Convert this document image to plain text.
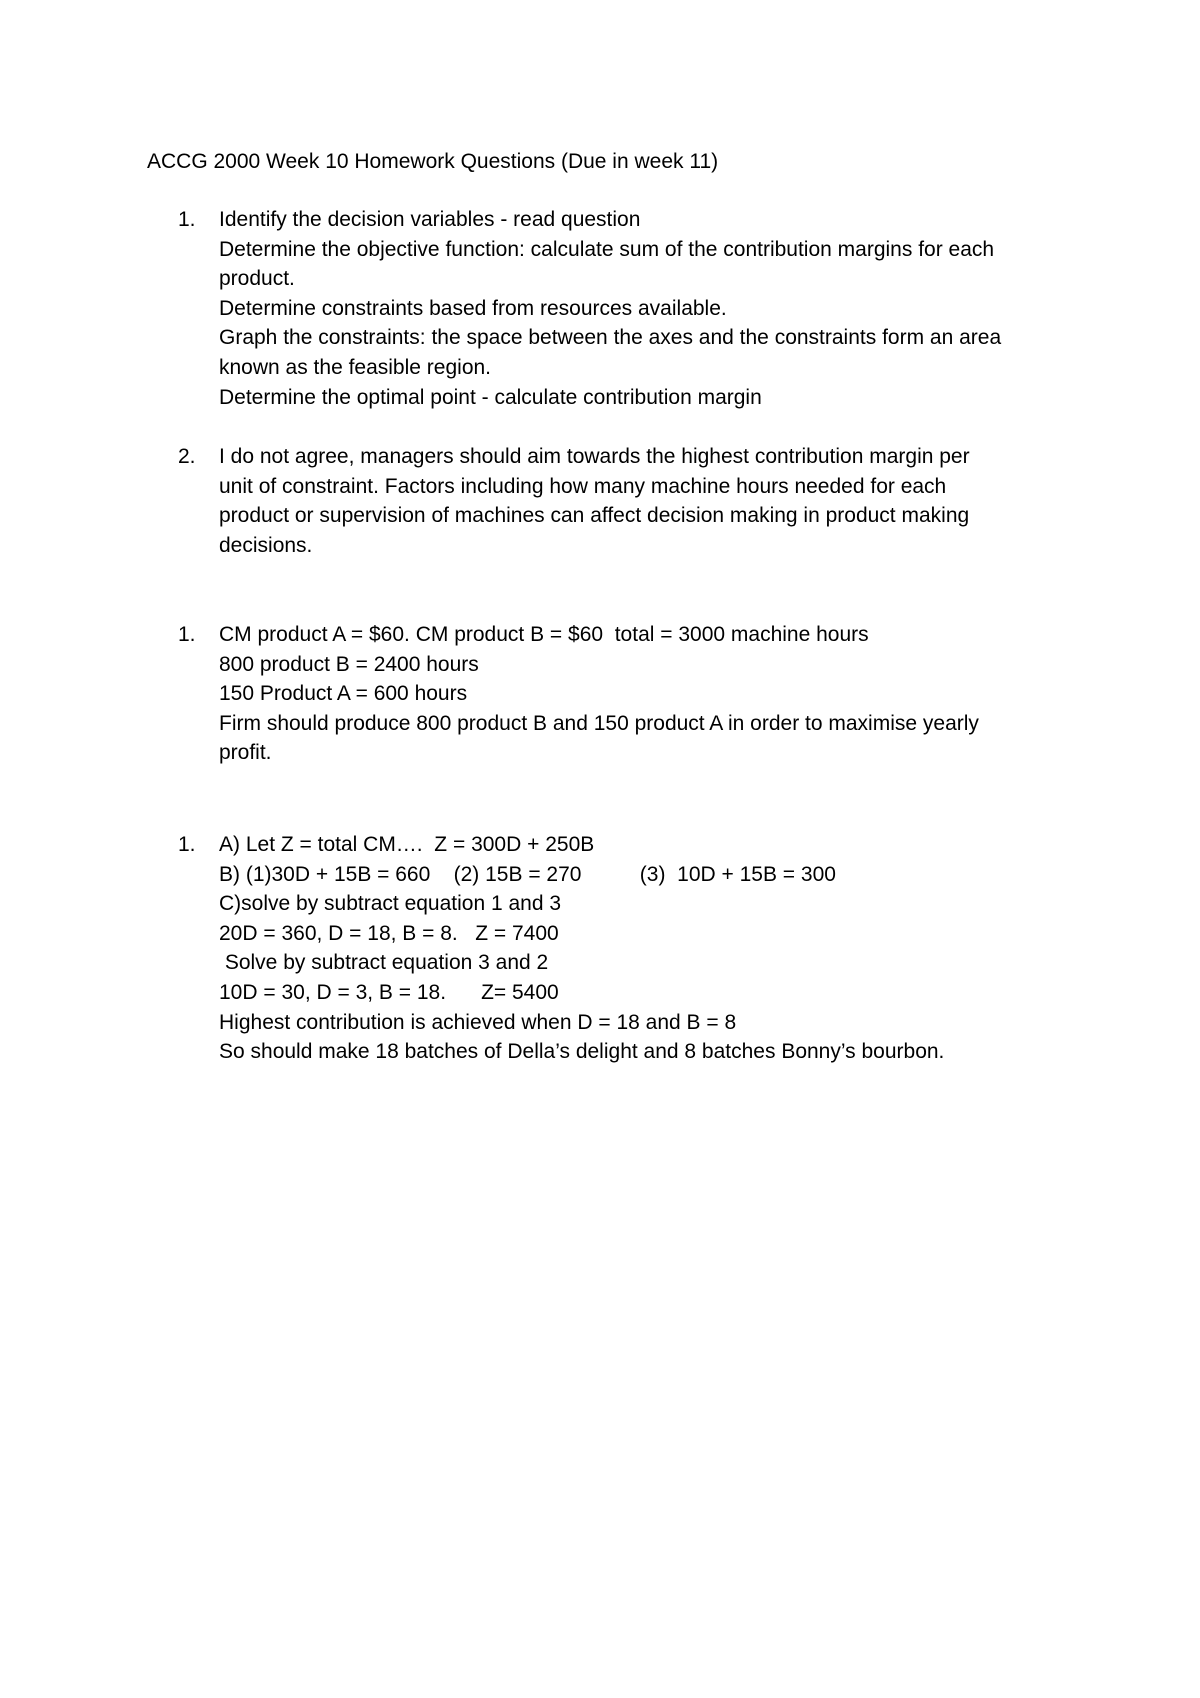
ACCG 2000 Week 10 Homework Questions (Due in week 11)
1. Identify the decision variables - read question
Determine the objective function: calculate sum of the contribution margins for each
product.
Determine constraints based from resources available.
Graph the constraints: the space between the axes and the constraints form an area
known as the feasible region.
Determine the optimal point - calculate contribution margin
2. I do not agree, managers should aim towards the highest contribution margin per
unit of constraint. Factors including how many machine hours needed for each
product or supervision of machines can affect decision making in product making
decisions.
1. CM product A = $60. CM product B = $60  total = 3000 machine hours
800 product B = 2400 hours
150 Product A = 600 hours
Firm should produce 800 product B and 150 product A in order to maximise yearly
profit.
1. A) Let Z = total CM….  Z = 300D + 250B
B) (1)30D + 15B = 660    (2) 15B = 270          (3)  10D + 15B = 300
C)solve by subtract equation 1 and 3
20D = 360, D = 18, B = 8.   Z = 7400
Solve by subtract equation 3 and 2
10D = 30, D = 3, B = 18.      Z= 5400
Highest contribution is achieved when D = 18 and B = 8
So should make 18 batches of Della’s delight and 8 batches Bonny’s bourbon.
